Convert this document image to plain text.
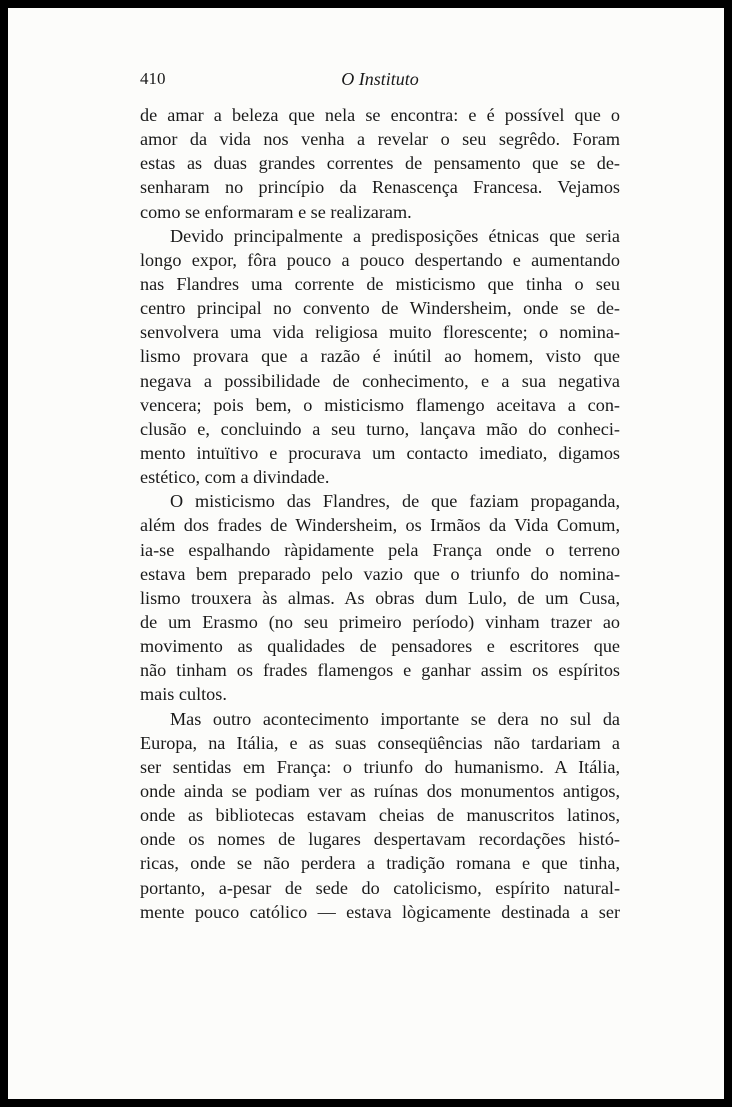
410	O Instituto
de amar a beleza que nela se encontra: e é possível que o
amor da vida nos venha a revelar o seu segrêdo. Foram
estas as duas grandes correntes de pensamento que se de-
senharam no princípio da Renascença Francesa. Vejamos
como se enformaram e se realizaram.
Devido principalmente a predisposições étnicas que seria
longo expor, fôra pouco a pouco despertando e aumentando
nas Flandres uma corrente de misticismo que tinha o seu
centro principal no convento de Windersheim, onde se de-
senvolvera uma vida religiosa muito florescente; o nomina-
lismo provara que a razão é inútil ao homem, visto que
negava a possibilidade de conhecimento, e a sua negativa
vencera; pois bem, o misticismo flamengo aceitava a con-
clusão e, concluindo a seu turno, lançava mão do conheci-
mento intuïtivo e procurava um contacto imediato, digamos
estético, com a divindade.
O misticismo das Flandres, de que faziam propaganda,
além dos frades de Windersheim, os Irmãos da Vida Comum,
ia-se espalhando ràpidamente pela França onde o terreno
estava bem preparado pelo vazio que o triunfo do nomina-
lismo trouxera às almas. As obras dum Lulo, de um Cusa,
de um Erasmo (no seu primeiro período) vinham trazer ao
movimento as qualidades de pensadores e escritores que
não tinham os frades flamengos e ganhar assim os espíritos
mais cultos.
Mas outro acontecimento importante se dera no sul da
Europa, na Itália, e as suas conseqüências não tardariam a
ser sentidas em França: o triunfo do humanismo. A Itália,
onde ainda se podiam ver as ruínas dos monumentos antigos,
onde as bibliotecas estavam cheias de manuscritos latinos,
onde os nomes de lugares despertavam recordações histó-
ricas, onde se não perdera a tradição romana e que tinha,
portanto, a-pesar de sede do catolicismo, espírito natural-
mente pouco católico — estava lògicamente destinada a ser
